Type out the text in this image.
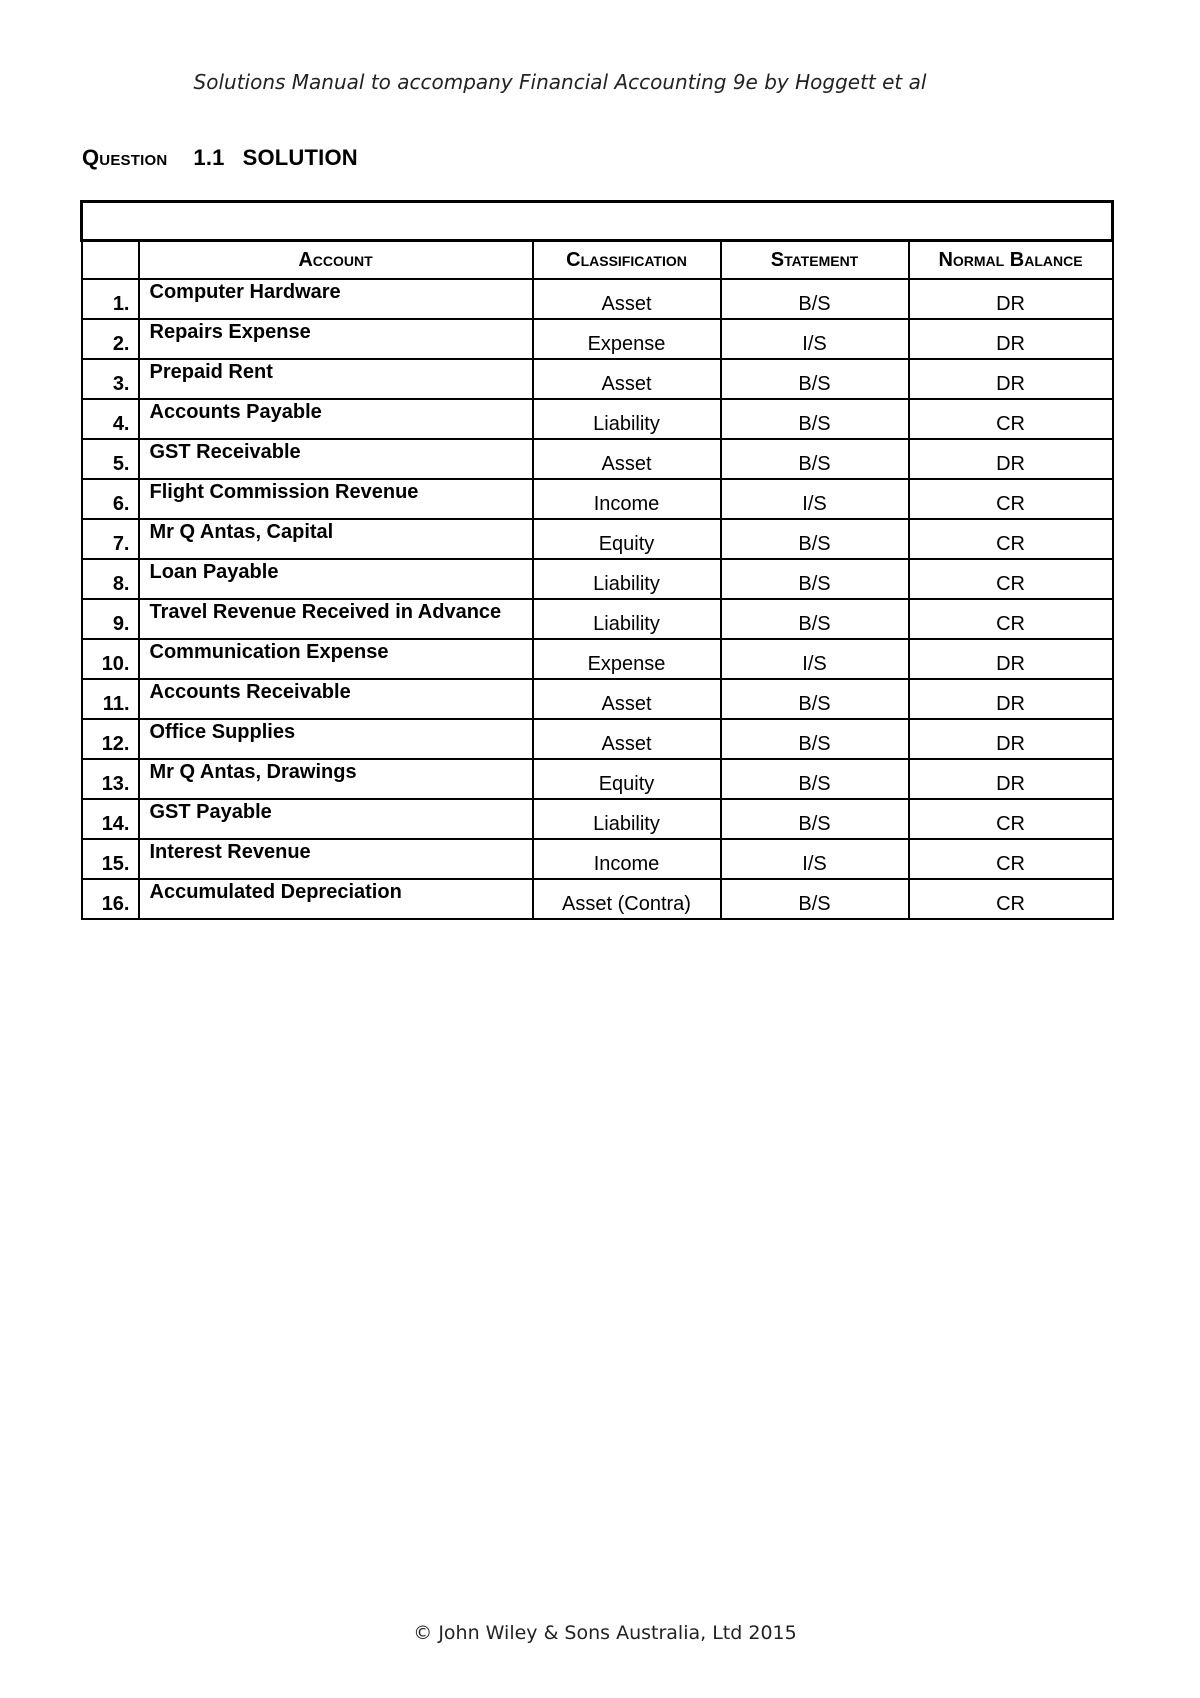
Solutions Manual to accompany Financial Accounting 9e by Hoggett et al
Question 1.1 SOLUTION

	Account	Classification	Statement	Normal Balance
1.	Computer Hardware	Asset	B/S	DR
2.	Repairs Expense	Expense	I/S	DR
3.	Prepaid Rent	Asset	B/S	DR
4.	Accounts Payable	Liability	B/S	CR
5.	GST Receivable	Asset	B/S	DR
6.	Flight Commission Revenue	Income	I/S	CR
7.	Mr Q Antas, Capital	Equity	B/S	CR
8.	Loan Payable	Liability	B/S	CR
9.	Travel Revenue Received in Advance	Liability	B/S	CR
10.	Communication Expense	Expense	I/S	DR
11.	Accounts Receivable	Asset	B/S	DR
12.	Office Supplies	Asset	B/S	DR
13.	Mr Q Antas, Drawings	Equity	B/S	DR
14.	GST Payable	Liability	B/S	CR
15.	Interest Revenue	Income	I/S	CR
16.	Accumulated Depreciation	Asset (Contra)	B/S	CR
© John Wiley & Sons Australia, Ltd 2015
